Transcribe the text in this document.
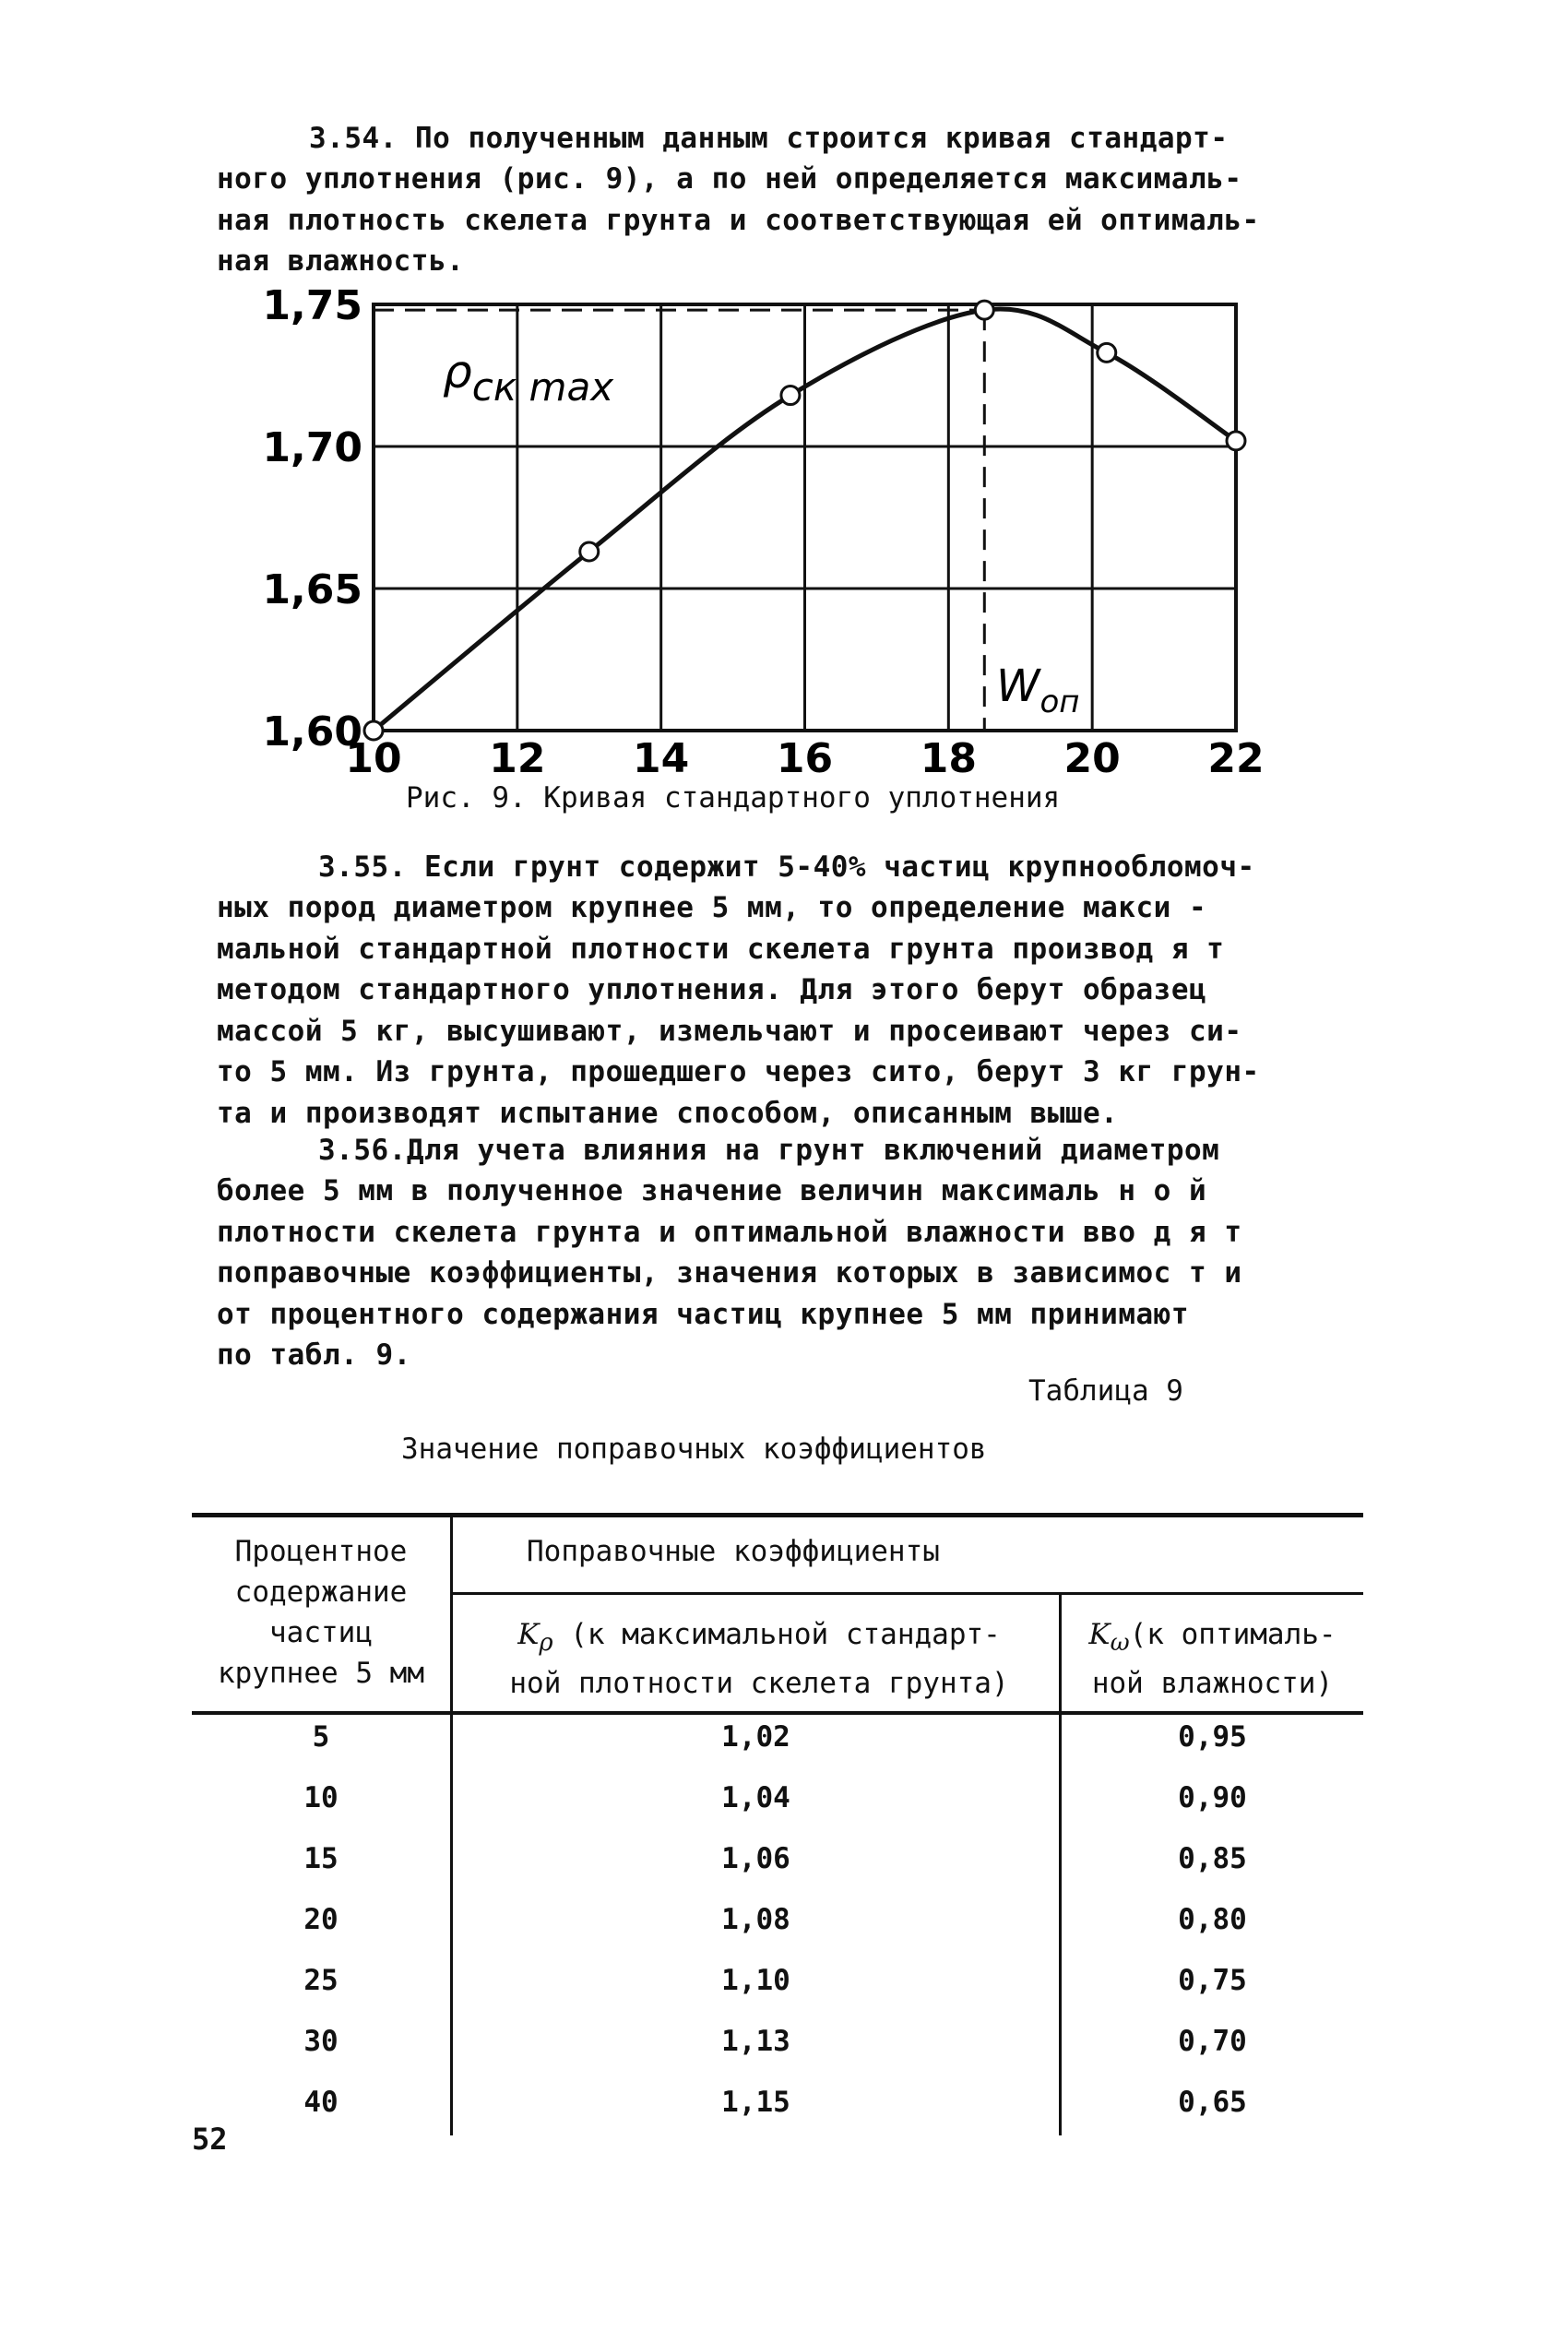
3.54. По полученным данным строится кривая стандарт-
ного уплотнения (рис. 9), а по ней определяется максималь-
ная плотность скелета грунта и соответствующая ей оптималь-
ная влажность.
1,60
1,65
1,70
1,75
10 12 14 16 18 20 22
$\rho_{ск max}$
$W_{оп}$
Рис. 9. Кривая стандартного уплотнения
3.55. Если грунт содержит 5-40% частиц крупнообломоч-
ных пород диаметром крупнее 5 мм, то определение макси -
мальной стандартной плотности скелета грунта производ я т
методом стандартного уплотнения. Для этого берут образец
массой 5 кг, высушивают, измельчают и просеивают через си-
то 5 мм. Из грунта, прошедшего через сито, берут 3 кг грун-
та и производят испытание способом, описанным выше.
3.56.Для учета влияния на грунт включений диаметром
более 5 мм в полученное значение величин максималь н о й
плотности скелета грунта и оптимальной влажности вво д я т
поправочные коэффициенты, значения которых в зависимос т и
от процентного содержания частиц крупнее 5 мм принимают
по табл. 9.
Таблица 9
Значение поправочных коэффициентов
Процентное
содержание
частиц
крупнее 5 мм
Поправочные коэффициенты
$K_\rho$ (к максимальной стандарт-
ной плотности скелета грунта)
$K_\omega(к$ оптималь-
ной влажности)
5	1,02	0,95
10	1,04	0,90
15	1,06	0,85
20	1,08	0,80
25	1,10	0,75
30	1,13	0,70
40	1,15	0,65
52
